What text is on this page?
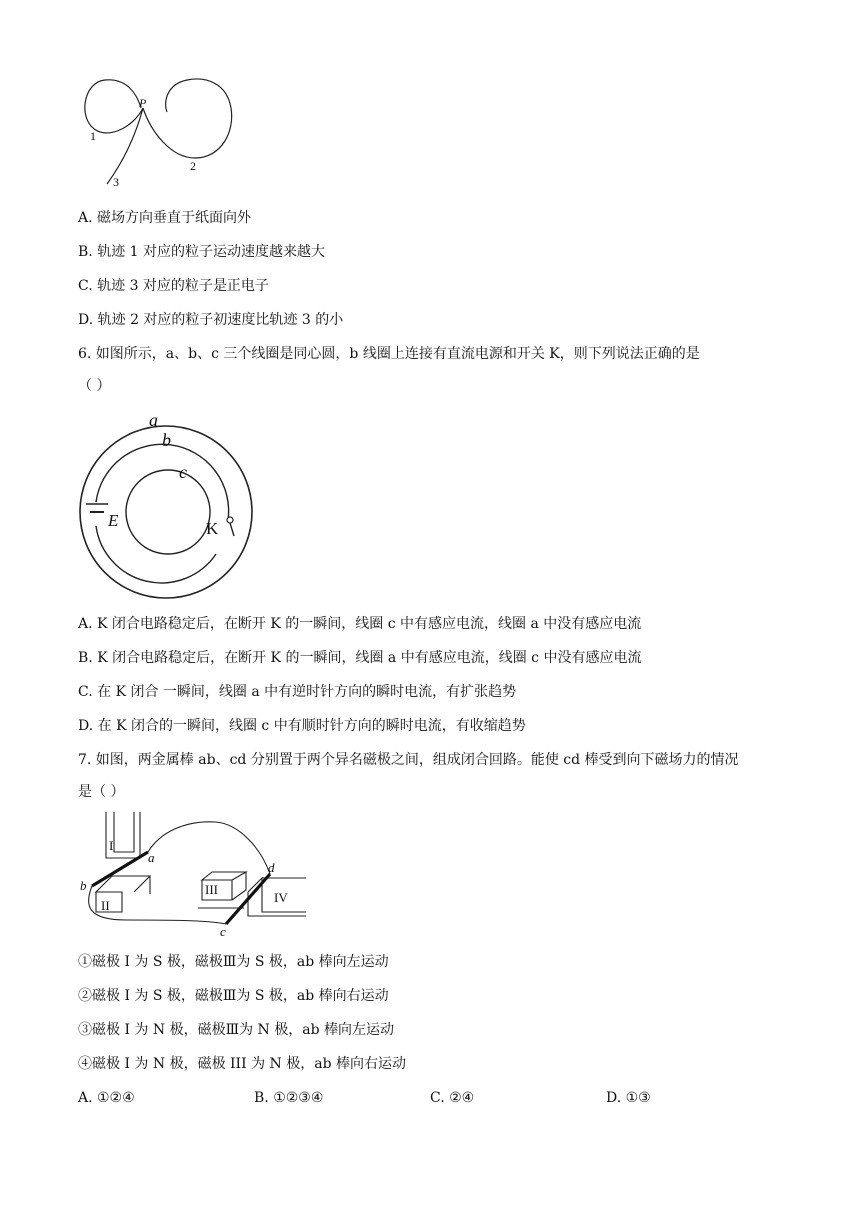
P
1
2
3
A. 磁场方向垂直于纸面向外
B. 轨迹 1 对应的粒子运动速度越来越大
C. 轨迹 3 对应的粒子是正电子
D. 轨迹 2 对应的粒子初速度比轨迹 3 的小
6. 如图所示，a、b、c 三个线圈是同心圆，b 线圈上连接有直流电源和开关 K，则下列说法正确的是
（ ）
a
b
c
E	K
A. K 闭合电路稳定后，在断开 K 的一瞬间，线圈 c 中有感应电流，线圈 a 中没有感应电流
B. K 闭合电路稳定后，在断开 K 的一瞬间，线圈 a 中有感应电流，线圈 c 中没有感应电流
C. 在 K 闭合 一瞬间，线圈 a 中有逆时针方向的瞬时电流，有扩张趋势
D. 在 K 闭合的一瞬间，线圈 c 中有顺时针方向的瞬时电流，有收缩趋势
7. 如图，两金属棒 ab、cd 分别置于两个异名磁极之间，组成闭合回路。能使 cd 棒受到向下磁场力的情况
是（ ）
I
II
III
IV
a
b
c
d
①磁极 I 为 S 极，磁极Ⅲ为 S 极，ab 棒向左运动
②磁极 I 为 S 极，磁极Ⅲ为 S 极，ab 棒向右运动
③磁极 I 为 N 极，磁极Ⅲ为 N 极，ab 棒向左运动
④磁极 I 为 N 极，磁极 III 为 N 极，ab 棒向右运动
A. ①②④	B. ①②③④	C. ②④	D. ①③
